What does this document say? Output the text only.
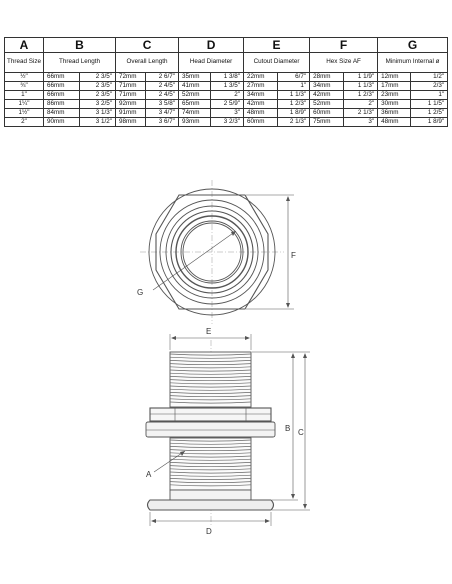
A	B		C		D		E		F		G	
Thread Size	Thread Length		Overall Length		Head Diameter		Cutout Diameter		Hex Size AF		Minimum Internal ø	
½"	66mm	2 3/5"	72mm	2 6/7"	35mm	1 3/8"	22mm	6/7"	28mm	1 1/9"	12mm	1/2"
¾"	66mm	2 3/5"	71mm	2 4/5"	41mm	1 3/5"	27mm	1"	34mm	1 1/3"	17mm	2/3"
1"	66mm	2 3/5"	71mm	2 4/5"	52mm	2"	34mm	1 1/3"	42mm	1 2/3"	23mm	1"
1¼"	86mm	3 2/5"	92mm	3 5/8"	65mm	2 5/9"	42mm	1 2/3"	52mm	2"	30mm	1 1/5"
1½"	84mm	3 1/3"	91mm	3 4/7"	74mm	3"	48mm	1 8/9"	60mm	2 1/3"	36mm	1 2/5"
2"	90mm	3 1/2"	98mm	3 6/7"	93mm	3 2/3"	60mm	2 1/3"	75mm	3"	48mm	1 8/9"
F
G
E
B C
A
D
